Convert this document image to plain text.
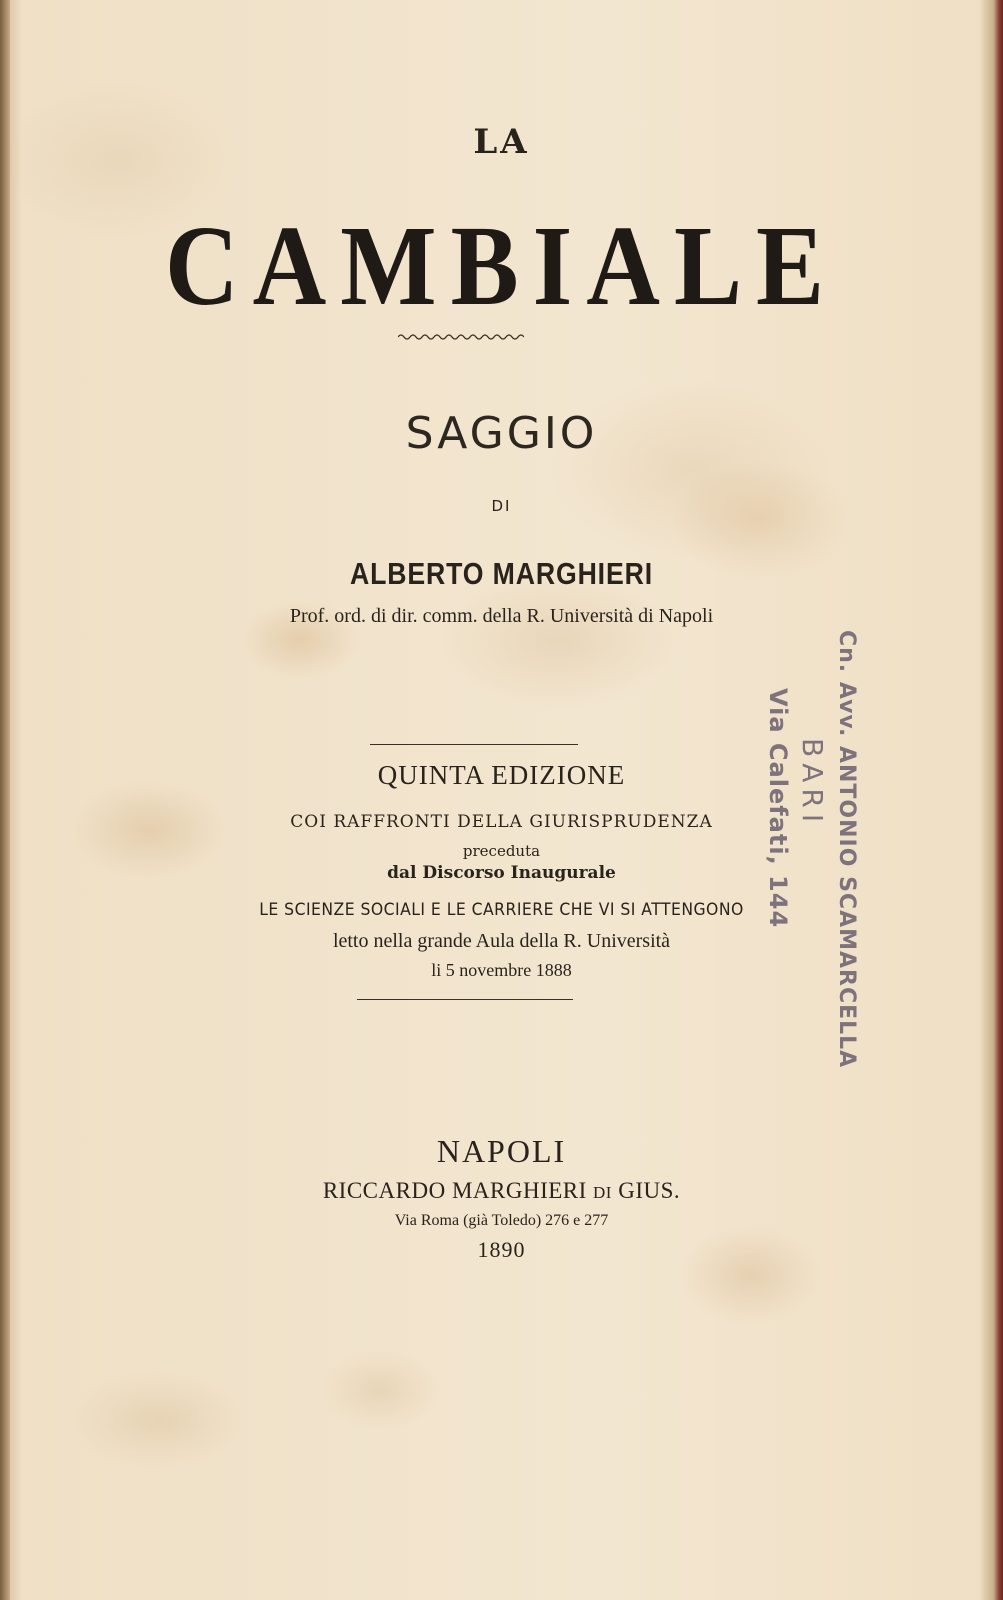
LA
CAMBIALE
SAGGIO
DI
ALBERTO MARGHIERI
Prof. ord. di dir. comm. della R. Università di Napoli
QUINTA EDIZIONE
COI RAFFRONTI DELLA GIURISPRUDENZA
preceduta
dal Discorso Inaugurale
LE SCIENZE SOCIALI E LE CARRIERE CHE VI SI ATTENGONO
letto nella grande Aula della R. Università
li 5 novembre 1888
NAPOLI
RICCARDO MARGHIERI DI GIUS.
Via Roma (già Toledo) 276 e 277
1890
Cn. Avv. ANTONIO SCAMARCELLA
BARI
Via Calefati, 144
